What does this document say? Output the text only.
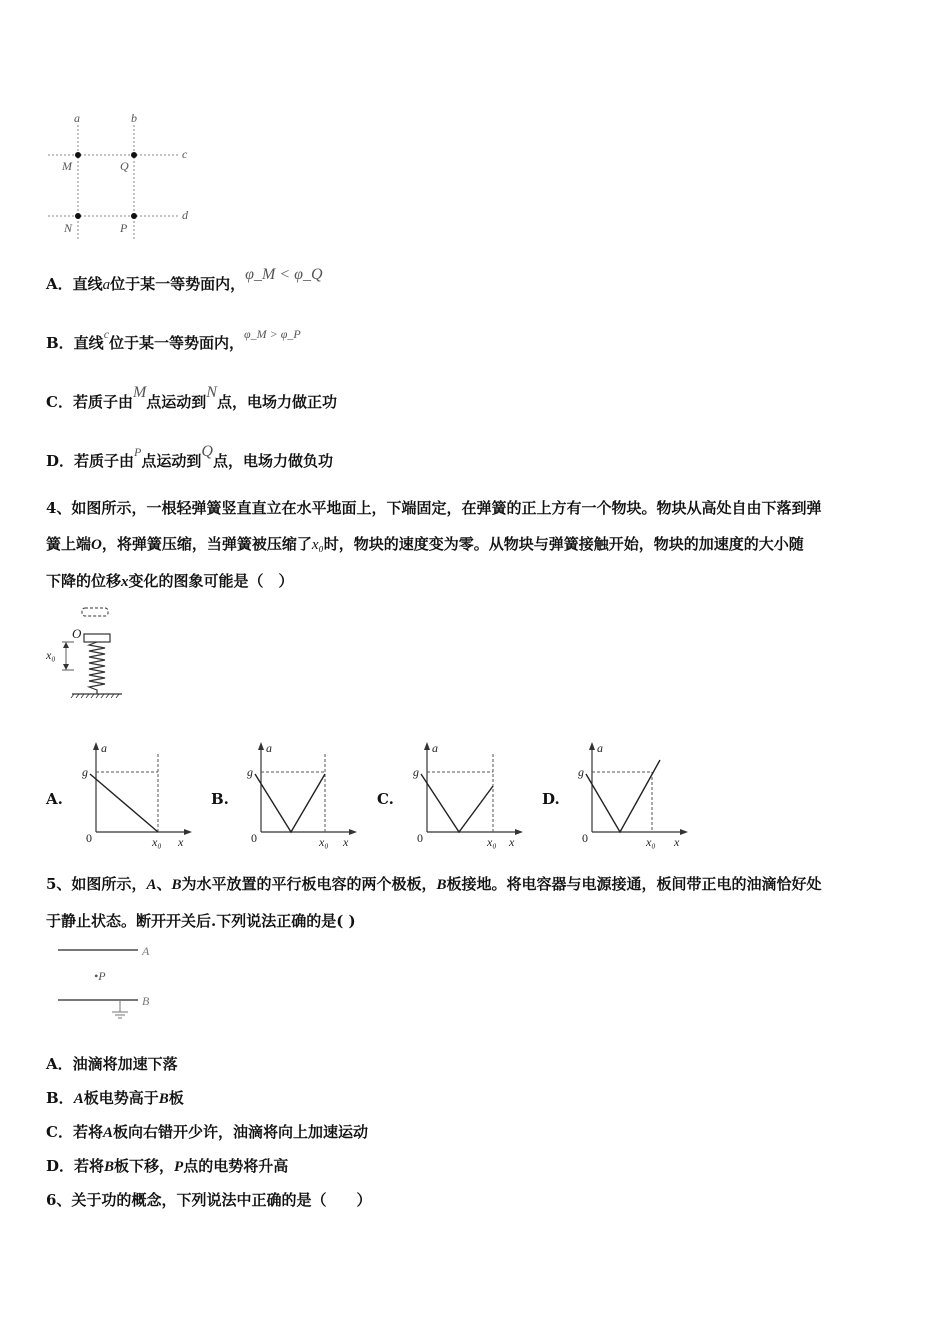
a	b
c
d
M	Q
N	P
A．直线a位于某一等势面内，φ_M < φ_Q
B．直线$^c$位于某一等势面内，$^{\varphi\_M > \varphi\_P}$
C．若质子由M点运动到N点，电场力做正功
D．若质子由$^P$点运动到Q点，电场力做负功
4、如图所示，一根轻弹簧竖直直立在水平地面上，下端固定，在弹簧的正上方有一个物块。物块从高处自由下落到弹
簧上端O，将弹簧压缩，当弹簧被压缩了x₀时，物块的速度变为零。从物块与弹簧接触开始，物块的加速度的大小随
下降的位移x变化的图象可能是（　）
O
x₀
A.
a
g
0	x₀ x
B.
a
g
0	x₀ x
C.
a
g
0	x₀ x
D.
a
g
0	x₀ x
5、如图所示，A、B为水平放置的平行板电容的两个极板，B板接地。将电容器与电源接通，板间带正电的油滴恰好处
于静止状态。断开开关后.下列说法正确的是( )
A
B
•P
A．油滴将加速下落
B．A板电势高于B板
C．若将A板向右错开少许，油滴将向上加速运动
D．若将B板下移，P点的电势将升高
6、关于功的概念，下列说法中正确的是（　　）
